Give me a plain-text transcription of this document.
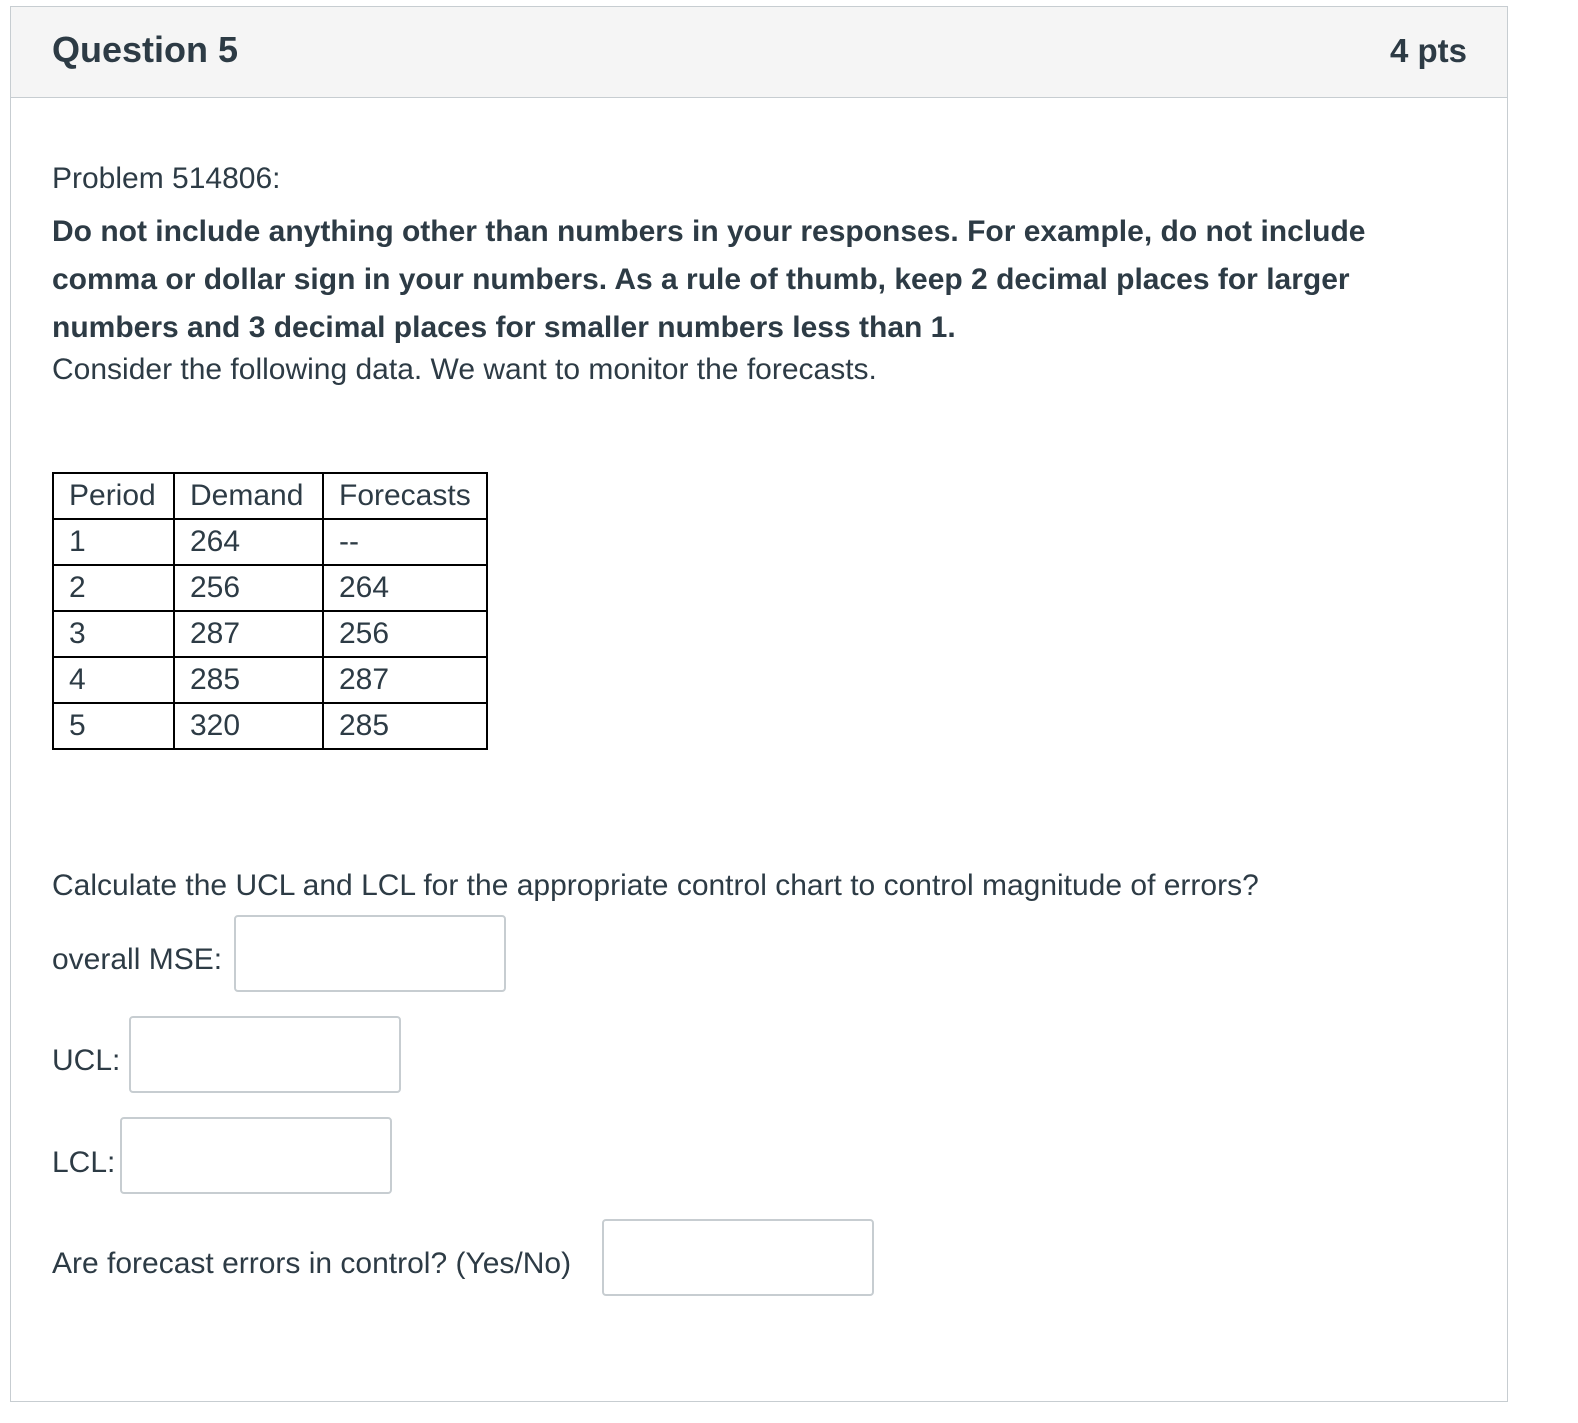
Question 5	4 pts
Problem 514806:
Do not include anything other than numbers in your responses. For example, do not include comma or dollar sign in your numbers. As a rule of thumb, keep 2 decimal places for larger numbers and 3 decimal places for smaller numbers less than 1.
Consider the following data. We want to monitor the forecasts.
Period	Demand	Forecasts
1	264	--
2	256	264
3	287	256
4	285	287
5	320	285
Calculate the UCL and LCL for the appropriate control chart to control magnitude of errors?
overall MSE:
UCL:
LCL:
Are forecast errors in control? (Yes/No)
